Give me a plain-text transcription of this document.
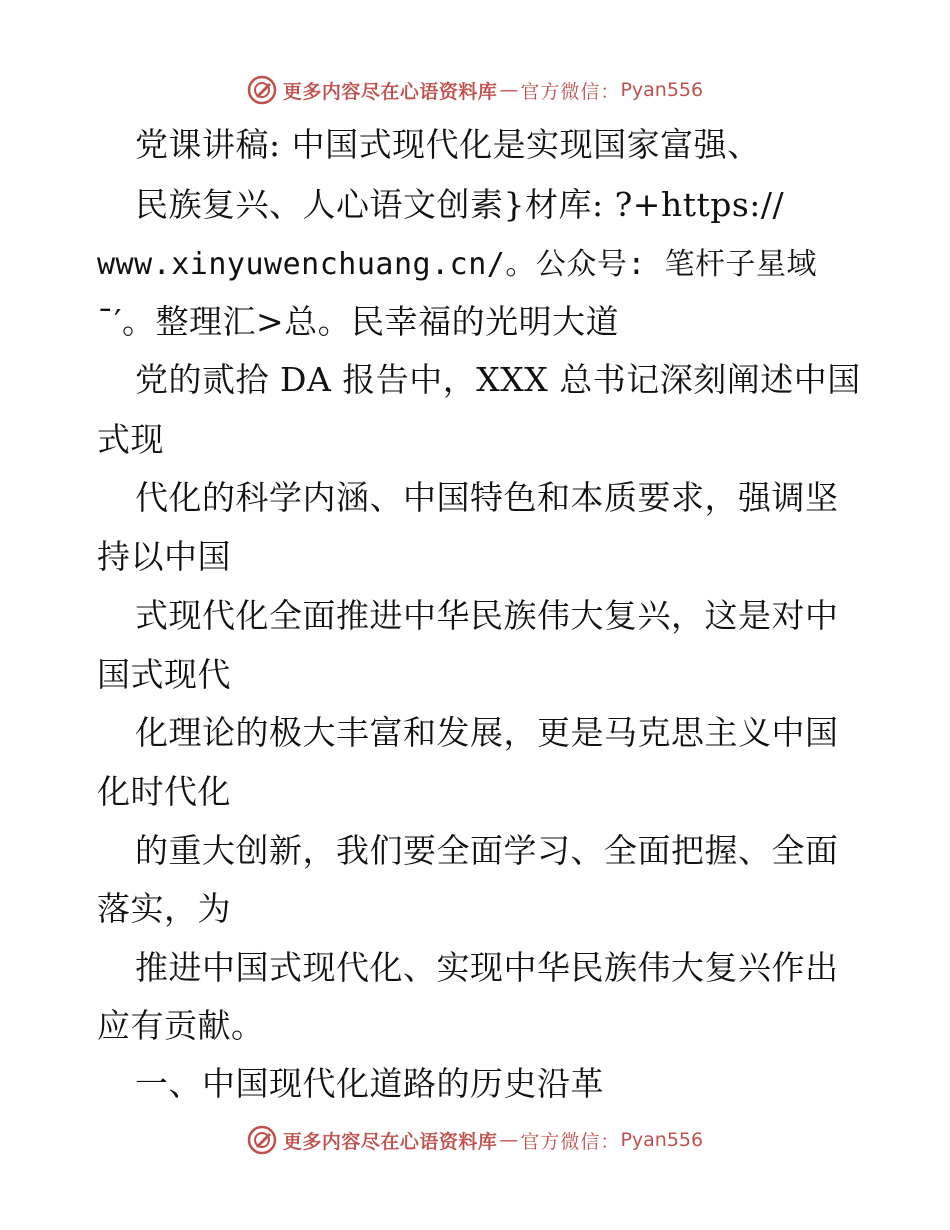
更多内容尽在心语资料库 — 官方微信： Pyan556
党课讲稿: 中国式现代化是实现国家富强、
民族复兴、人心语文创素}材库: ?+https://
www.xinyuwenchuang.cn/。公众号: 笔杆子星域
¯′。整理汇>总。民幸福的光明大道
党的贰拾 DA 报告中，XXX 总书记深刻阐述中国
式现
代化的科学内涵、中国特色和本质要求，强调坚
持以中国
式现代化全面推进中华民族伟大复兴，这是对中
国式现代
化理论的极大丰富和发展，更是马克思主义中国
化时代化
的重大创新，我们要全面学习、全面把握、全面
落实，为
推进中国式现代化、实现中华民族伟大复兴作出
应有贡献。
一、中国现代化道路的历史沿革
更多内容尽在心语资料库 — 官方微信： Pyan556
